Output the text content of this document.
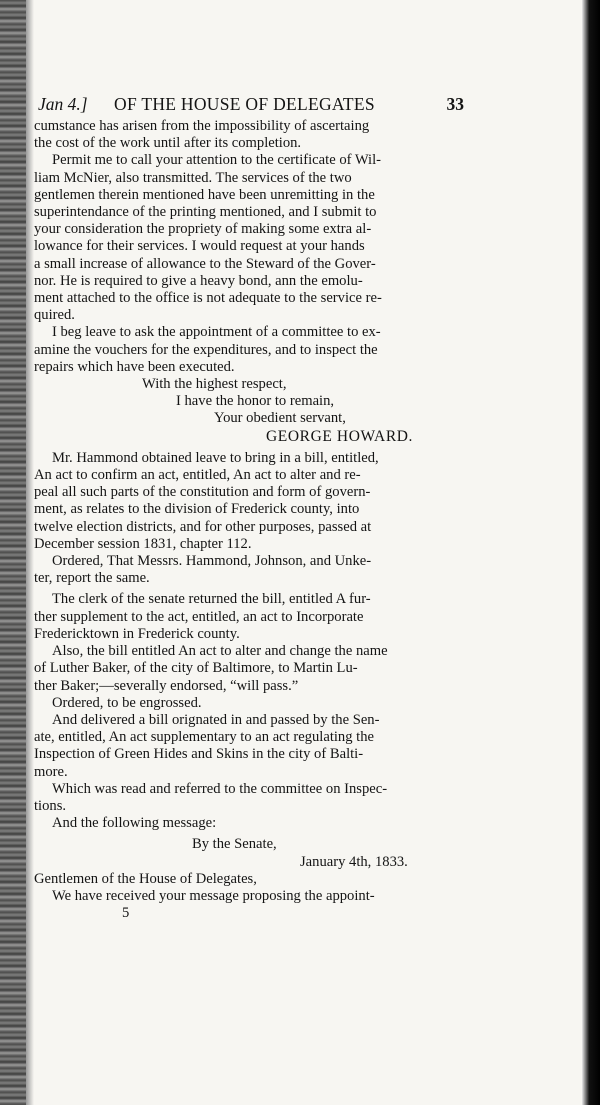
Jan 4.] OF THE HOUSE OF DELEGATES	33
cumstance has arisen from the impossibility of ascertaing
the cost of the work until after its completion.
Permit me to call your attention to the certificate of Wil-
liam McNier, also transmitted. The services of the two
gentlemen therein mentioned have been unremitting in the
superintendance of the printing mentioned, and I submit to
your consideration the propriety of making some extra al-
lowance for their services. I would request at your hands
a small increase of allowance to the Steward of the Gover-
nor. He is required to give a heavy bond, ann the emolu-
ment attached to the office is not adequate to the service re-
quired.
I beg leave to ask the appointment of a committee to ex-
amine the vouchers for the expenditures, and to inspect the
repairs which have been executed.
With the highest respect,
I have the honor to remain,
Your obedient servant,
GEORGE HOWARD.
Mr. Hammond obtained leave to bring in a bill, entitled,
An act to confirm an act, entitled, An act to alter and re-
peal all such parts of the constitution and form of govern-
ment, as relates to the division of Frederick county, into
twelve election districts, and for other purposes, passed at
December session 1831, chapter 112.
Ordered, That Messrs. Hammond, Johnson, and Unke-
ter, report the same.
The clerk of the senate returned the bill, entitled A fur-
ther supplement to the act, entitled, an act to Incorporate
Fredericktown in Frederick county.
Also, the bill entitled An act to alter and change the name
of Luther Baker, of the city of Baltimore, to Martin Lu-
ther Baker;—severally endorsed, “will pass.”
Ordered, to be engrossed.
And delivered a bill orignated in and passed by the Sen-
ate, entitled, An act supplementary to an act regulating the
Inspection of Green Hides and Skins in the city of Balti-
more.
Which was read and referred to the committee on Inspec-
tions.
And the following message:
By the Senate,
January 4th, 1833.
Gentlemen of the House of Delegates,
We have received your message proposing the appoint-
5
